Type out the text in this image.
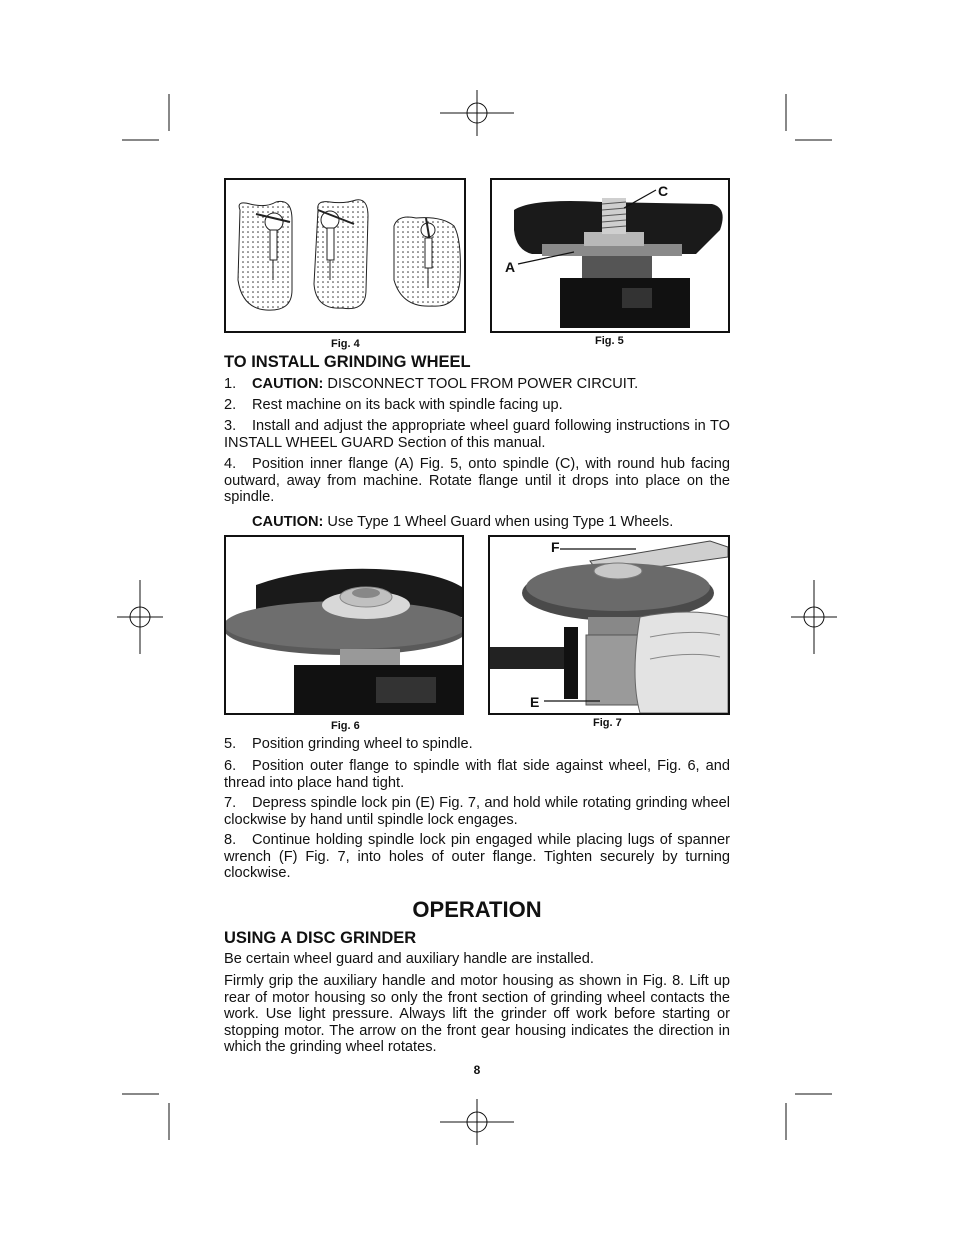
Fig. 4
C
A
Fig. 5
TO INSTALL GRINDING WHEEL

1. CAUTION: DISCONNECT TOOL FROM POWER CIRCUIT.

2. Rest machine on its back with spindle facing up.

3. Install and adjust the appropriate wheel guard following instructions in TO INSTALL WHEEL GUARD Section of this manual.

4. Position inner flange (A) Fig. 5, onto spindle (C), with round hub facing outward, away from machine. Rotate flange until it drops into place on the spindle.

CAUTION: Use Type 1 Wheel Guard when using Type 1 Wheels.

Fig. 6
F
E
Fig. 7

5. Position grinding wheel to spindle.

6. Position outer flange to spindle with flat side against wheel, Fig. 6, and thread into place hand tight.

7. Depress spindle lock pin (E) Fig. 7, and hold while rotating grinding wheel clockwise by hand until spindle lock engages.

8. Continue holding spindle lock pin engaged while placing lugs of spanner wrench (F) Fig. 7, into holes of outer flange. Tighten securely by turning clockwise.

OPERATION
USING A DISC GRINDER

Be certain wheel guard and auxiliary handle are installed.

Firmly grip the auxiliary handle and motor housing as shown in Fig. 8. Lift up rear of motor housing so only the front section of grinding wheel contacts the work. Use light pressure. Always lift the grinder off work before starting or stopping motor. The arrow on the front gear housing indicates the direction in which the grinding wheel rotates.

8
